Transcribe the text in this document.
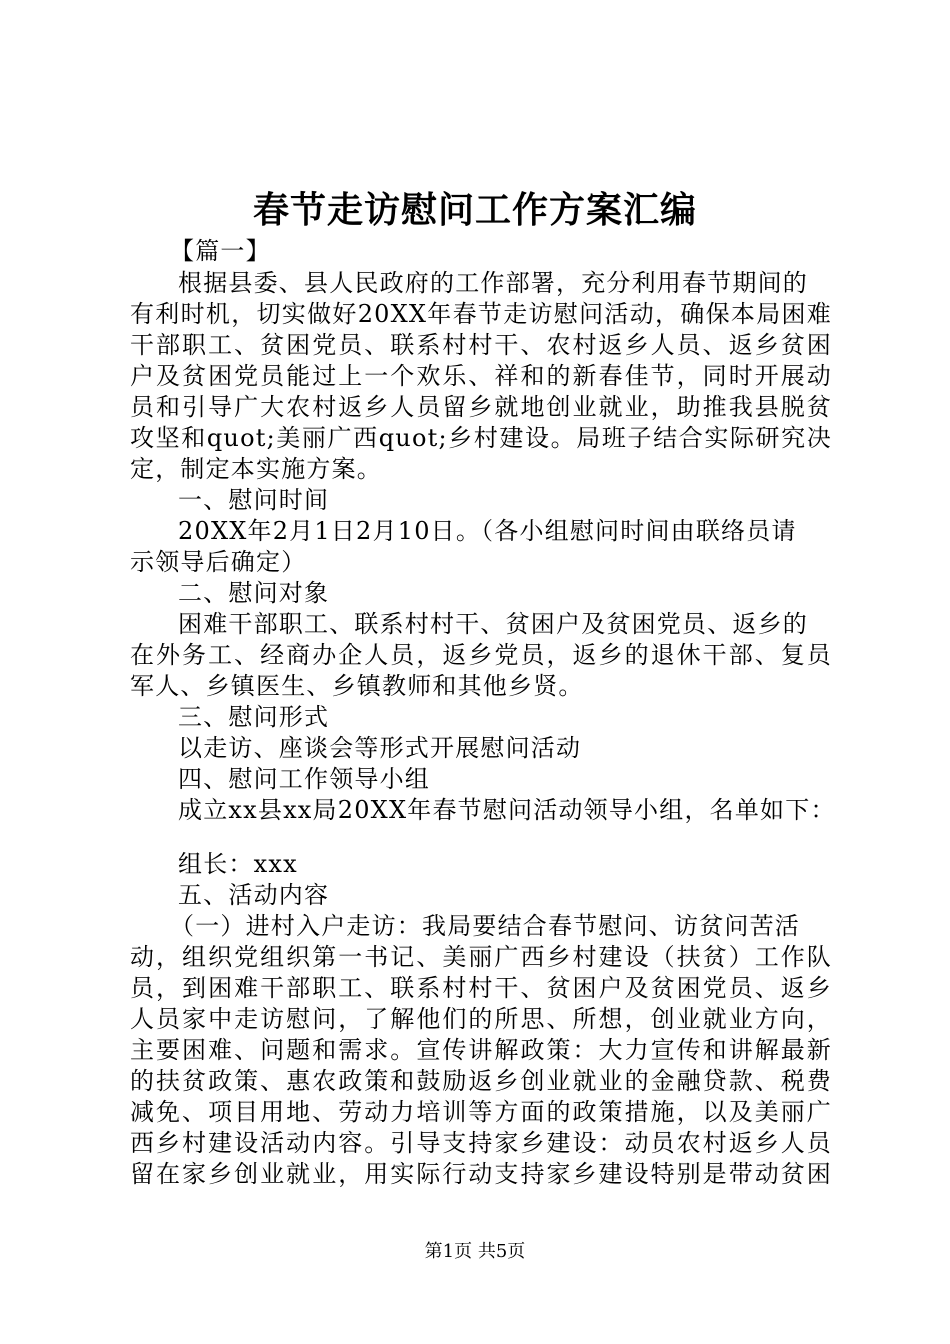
春节走访慰问工作方案汇编
【篇一】
根据县委、县人民政府的工作部署，充分利用春节期间的
有利时机，切实做好20XX年春节走访慰问活动，确保本局困难
干部职工、贫困党员、联系村村干、农村返乡人员、返乡贫困
户及贫困党员能过上一个欢乐、祥和的新春佳节，同时开展动
员和引导广大农村返乡人员留乡就地创业就业，助推我县脱贫
攻坚和quot;美丽广西quot;乡村建设。局班子结合实际研究决
定，制定本实施方案。
一、慰问时间
20XX年2月1日2月10日。（各小组慰问时间由联络员请
示领导后确定）
二、慰问对象
困难干部职工、联系村村干、贫困户及贫困党员、返乡的
在外务工、经商办企人员，返乡党员，返乡的退休干部、复员
军人、乡镇医生、乡镇教师和其他乡贤。
三、慰问形式
以走访、座谈会等形式开展慰问活动
四、慰问工作领导小组
成立xx县xx局20XX年春节慰问活动领导小组，名单如下：
组长：xxx
五、活动内容
（一）进村入户走访：我局要结合春节慰问、访贫问苦活
动，组织党组织第一书记、美丽广西乡村建设（扶贫）工作队
员，到困难干部职工、联系村村干、贫困户及贫困党员、返乡
人员家中走访慰问，了解他们的所思、所想，创业就业方向，
主要困难、问题和需求。宣传讲解政策：大力宣传和讲解最新
的扶贫政策、惠农政策和鼓励返乡创业就业的金融贷款、税费
减免、项目用地、劳动力培训等方面的政策措施，以及美丽广
西乡村建设活动内容。引导支持家乡建设：动员农村返乡人员
留在家乡创业就业，用实际行动支持家乡建设特别是带动贫困
第1页 共5页
